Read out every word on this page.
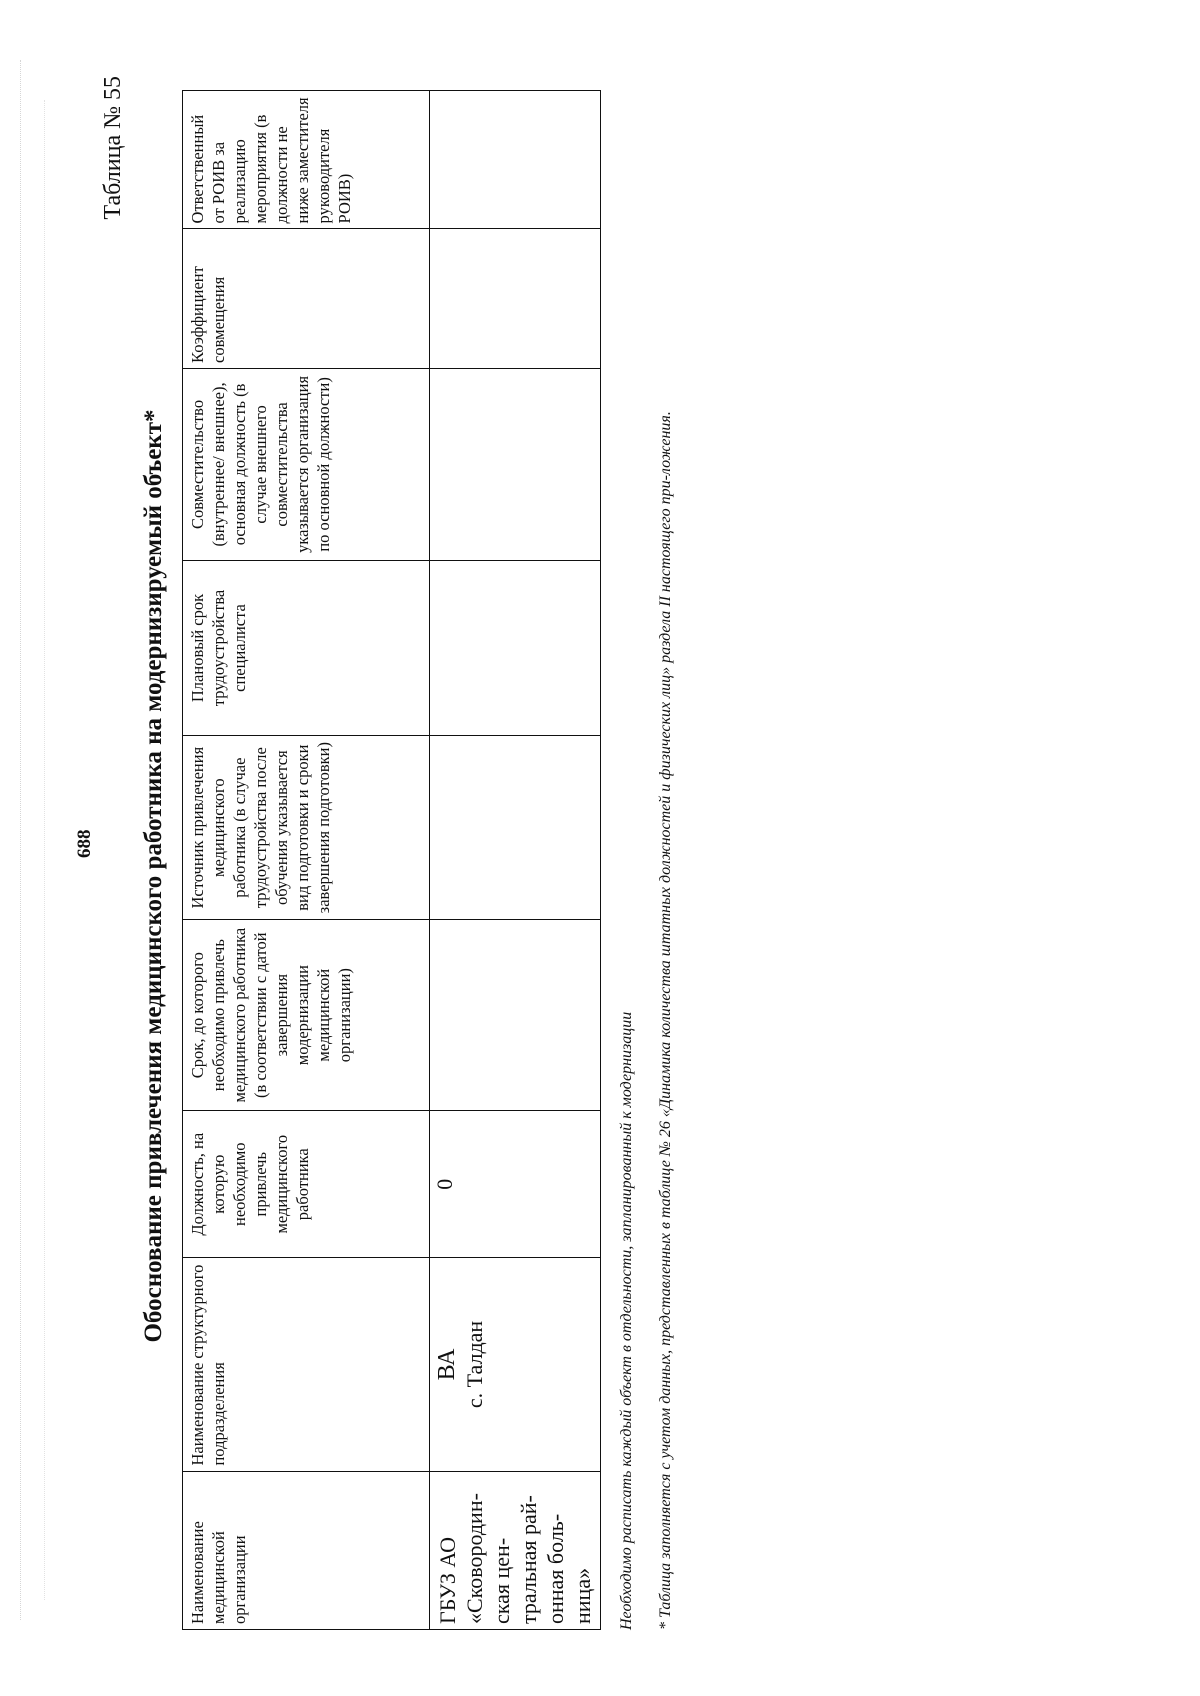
688
Таблица № 55
Обоснование привлечения медицинского работника на модернизируемый объект*
Наименование медицинской организации	Наименование структурного подразделения	Должность, на которую необходимо привлечь медицинского работника	Срок, до которого необходимо привлечь медицинского работника (в соответствии с датой завершения модернизации медицинской организации)	Источник привлечения медицинского работника (в случае трудоустройства после обучения указывается вид подготовки и сроки завершения подготовки)	Плановый срок трудоустройства специалиста	Совместительство (внутреннее/ внешнее), основная должность (в случае внешнего совместительства указывается организация по основной должности)	Коэффициент совмещения	Ответственный от РОИВ за реализацию мероприятия (в должности не ниже заместителя руководителя РОИВ)
ГБУЗ АО «Сковородин-ская цен-тральная рай-онная боль-ница»	ВА с. Талдан	0							Необходимо расписать каждый объект в отдельности, запланированный к модернизации * Таблица заполняется с учетом данных, представленных в таблице № 26 «Динамика количества штатных должностей и физических лиц» раздела II настоящего при-ложения.
